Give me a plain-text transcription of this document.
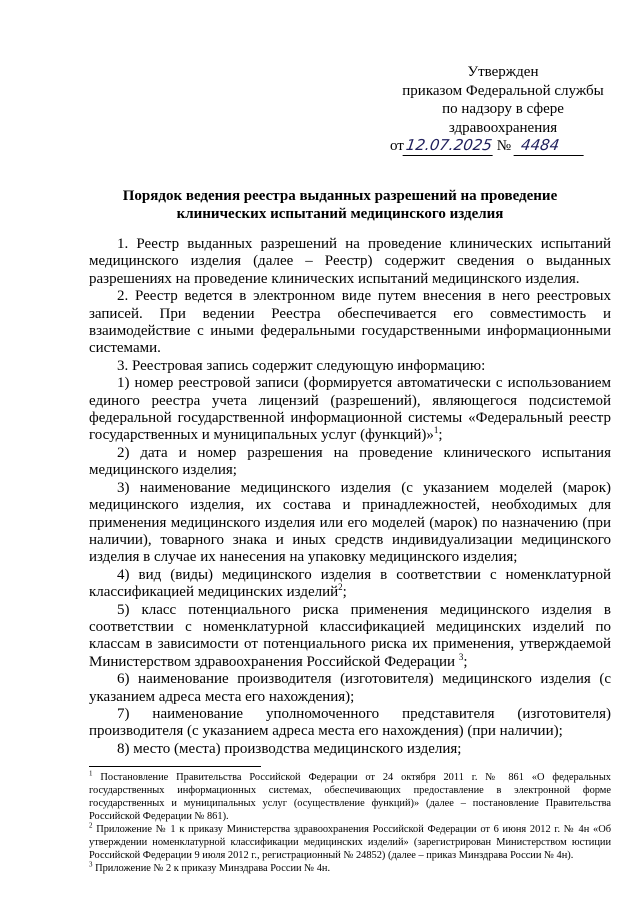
Утвержден
приказом Федеральной службы
по надзору в сфере
здравоохранения
от12.07.2025 № 4484
Порядок ведения реестра выданных разрешений на проведение
клинических испытаний медицинского изделия

1. Реестр выданных разрешений на проведение клинических испытаний медицинского изделия (далее – Реестр) содержит сведения о выданных разрешениях на проведение клинических испытаний медицинского изделия.

2. Реестр ведется в электронном виде путем внесения в него реестровых записей. При ведении Реестра обеспечивается его совместимость и взаимодействие с иными федеральными государственными информационными системами.

3. Реестровая запись содержит следующую информацию:

1) номер реестровой записи (формируется автоматически с использованием единого реестра учета лицензий (разрешений), являющегося подсистемой федеральной государственной информационной системы «Федеральный реестр государственных и муниципальных услуг (функций)»$^1$;

2) дата и номер разрешения на проведение клинического испытания медицинского изделия;

3) наименование медицинского изделия (с указанием моделей (марок) медицинского изделия, их состава и принадлежностей, необходимых для применения медицинского изделия или его моделей (марок) по назначению (при наличии), товарного знака и иных средств индивидуализации медицинского изделия в случае их нанесения на упаковку медицинского изделия;

4) вид (виды) медицинского изделия в соответствии с номенклатурной классификацией медицинских изделий$^2$;

5) класс потенциального риска применения медицинского изделия в соответствии с номенклатурной классификацией медицинских изделий по классам в зависимости от потенциального риска их применения, утверждаемой Министерством здравоохранения Российской Федерации $^3$;

6) наименование производителя (изготовителя) медицинского изделия (с указанием адреса места его нахождения);

7) наименование уполномоченного представителя (изготовителя) производителя (с указанием адреса места его нахождения) (при наличии);

8) место (места) производства медицинского изделия;

$^1$ Постановление Правительства Российской Федерации от 24 октября 2011 г. № 861 «О федеральных государственных информационных системах, обеспечивающих предоставление в электронной форме государственных и муниципальных услуг (осуществление функций)» (далее – постановление Правительства Российской Федерации № 861).

$^2$ Приложение № 1 к приказу Министерства здравоохранения Российской Федерации от 6 июня 2012 г. № 4н «Об утверждении номенклатурной классификации медицинских изделий» (зарегистрирован Министерством юстиции Российской Федерации 9 июля 2012 г., регистрационный № 24852) (далее – приказ Минздрава России № 4н).

$^3$ Приложение № 2 к приказу Минздрава России № 4н.
